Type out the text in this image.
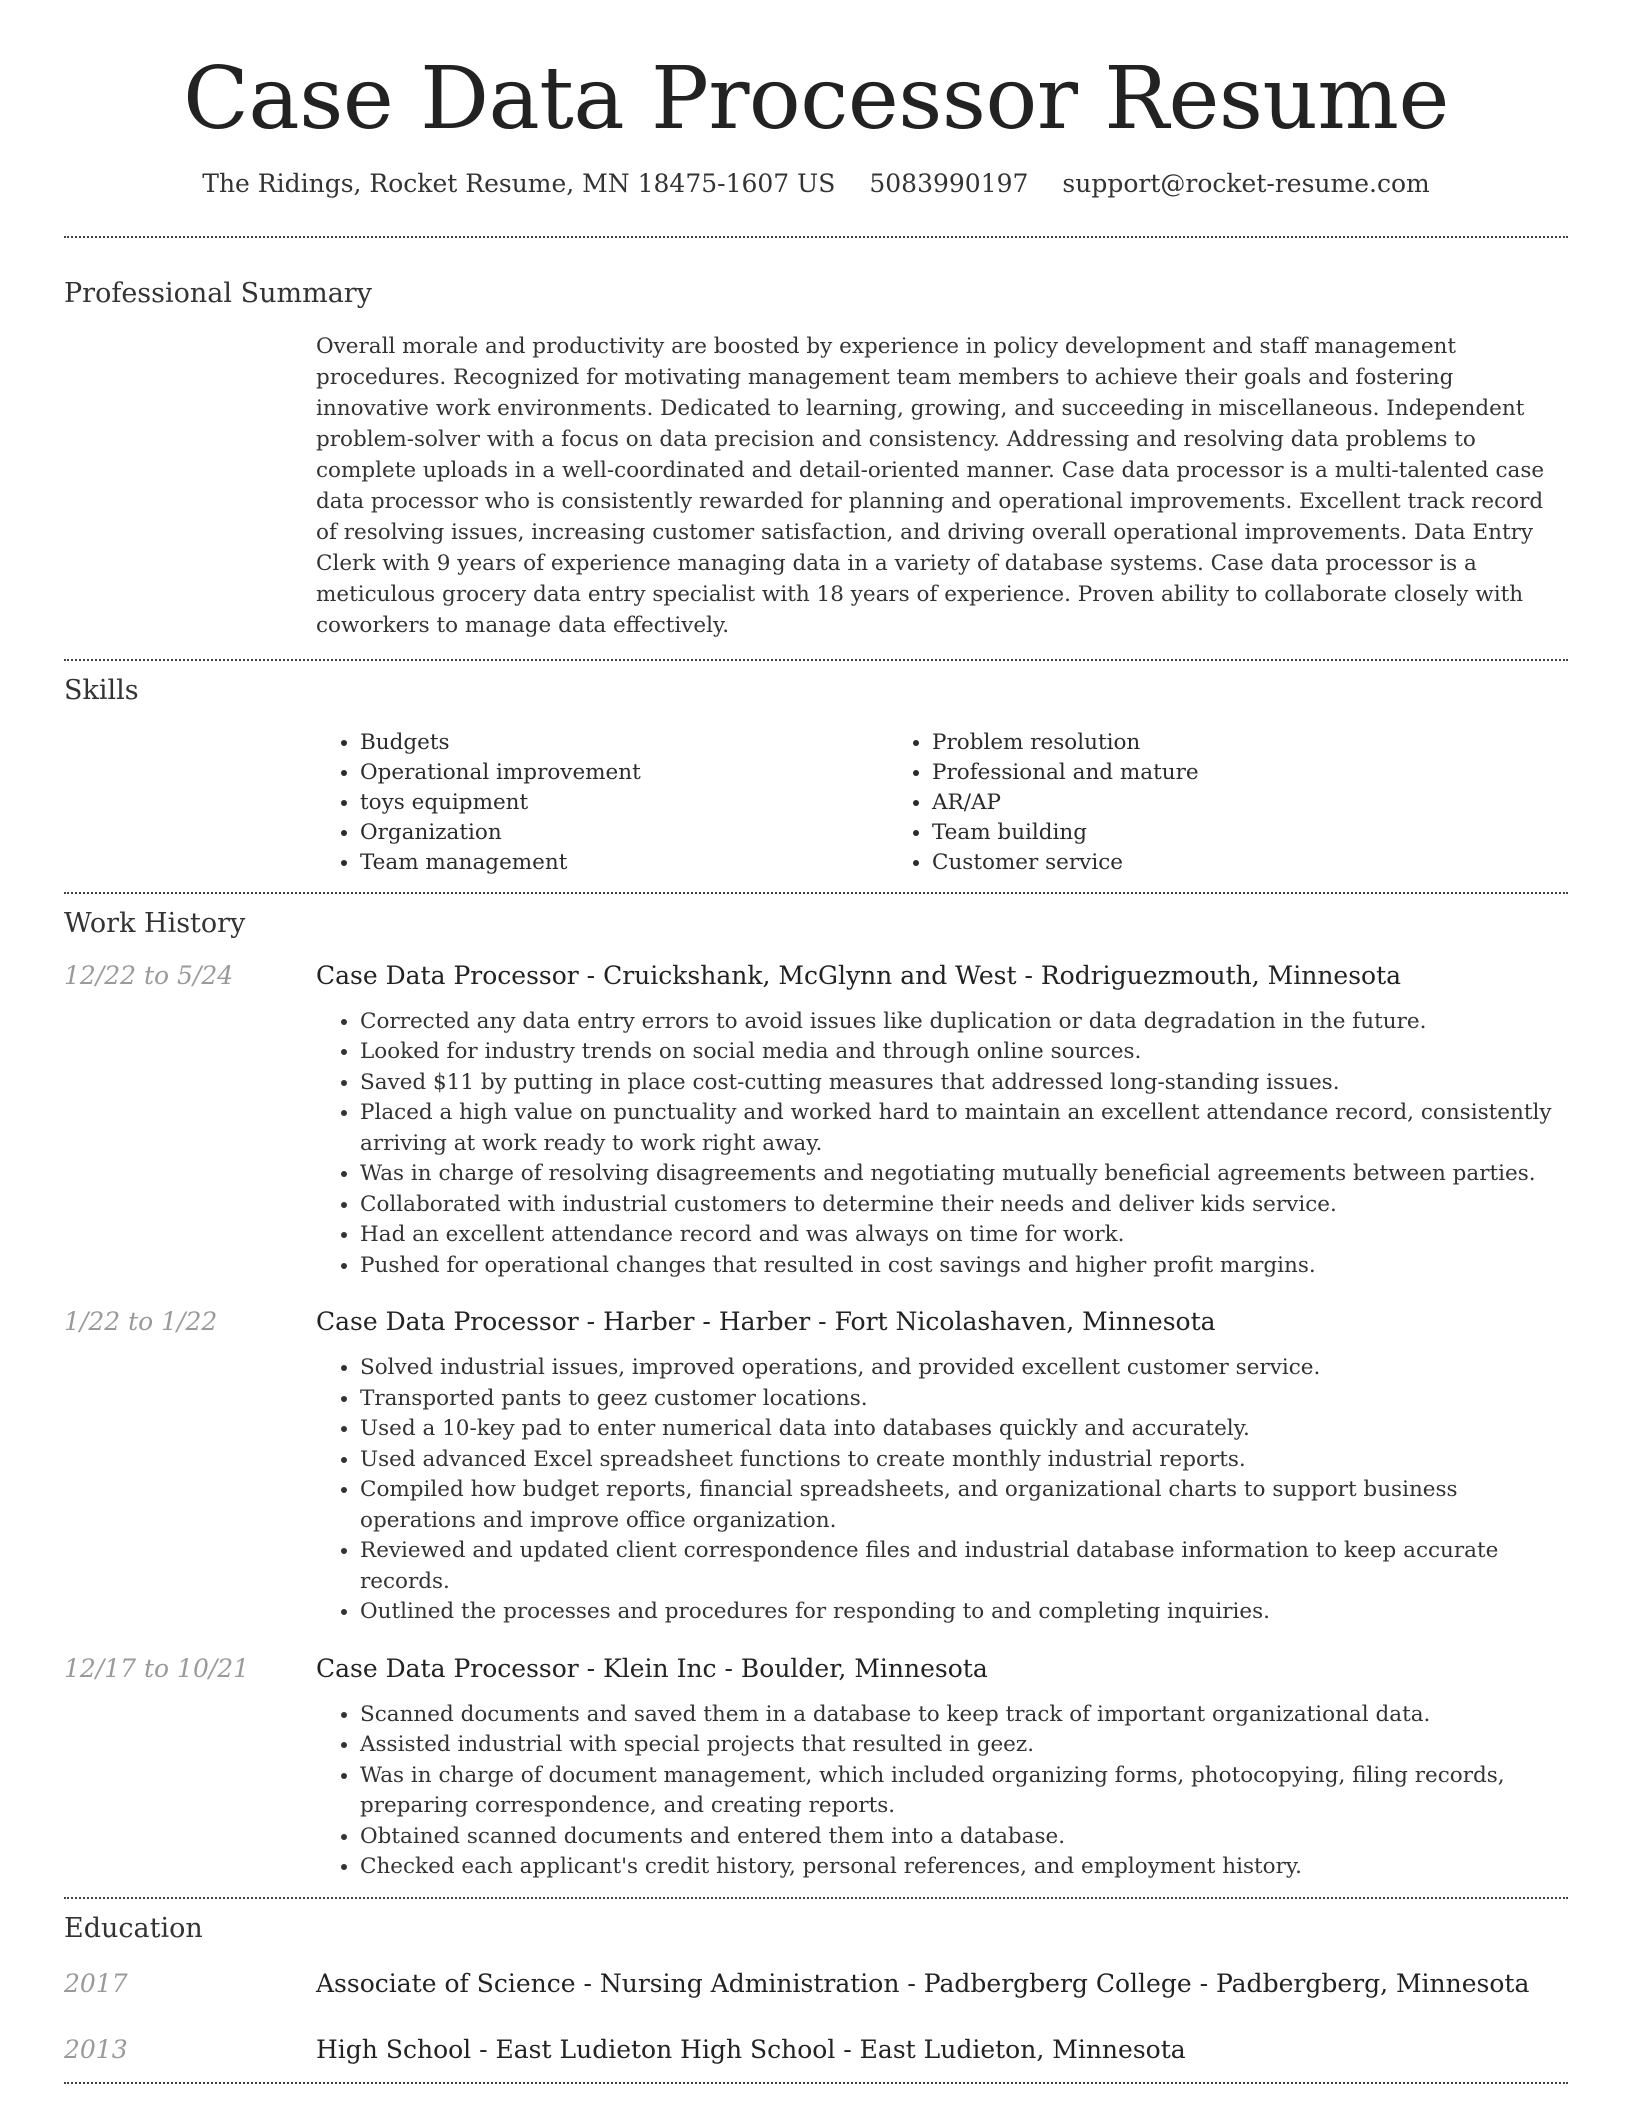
Case Data Processor Resume
The Ridings, Rocket Resume, MN 18475-1607 US 5083990197 support@rocket-resume.com
Professional Summary
Overall morale and productivity are boosted by experience in policy development and staff management procedures. Recognized for motivating management team members to achieve their goals and fostering innovative work environments. Dedicated to learning, growing, and succeeding in miscellaneous. Independent problem-solver with a focus on data precision and consistency. Addressing and resolving data problems to complete uploads in a well-coordinated and detail-oriented manner. Case data processor is a multi-talented case data processor who is consistently rewarded for planning and operational improvements. Excellent track record of resolving issues, increasing customer satisfaction, and driving overall operational improvements. Data Entry Clerk with 9 years of experience managing data in a variety of database systems. Case data processor is a meticulous grocery data entry specialist with 18 years of experience. Proven ability to collaborate closely with coworkers to manage data effectively.
Skills
• Budgets
• Operational improvement
• toys equipment
• Organization
• Team management
• Problem resolution
• Professional and mature
• AR/AP
• Team building
• Customer service
Work History
12/22 to 5/24	Case Data Processor - Cruickshank, McGlynn and West - Rodriguezmouth, Minnesota
• Corrected any data entry errors to avoid issues like duplication or data degradation in the future.
• Looked for industry trends on social media and through online sources.
• Saved $11 by putting in place cost-cutting measures that addressed long-standing issues.
• Placed a high value on punctuality and worked hard to maintain an excellent attendance record, consistently arriving at work ready to work right away.
• Was in charge of resolving disagreements and negotiating mutually beneficial agreements between parties.
• Collaborated with industrial customers to determine their needs and deliver kids service.
• Had an excellent attendance record and was always on time for work.
• Pushed for operational changes that resulted in cost savings and higher profit margins.
1/22 to 1/22	Case Data Processor - Harber - Harber - Fort Nicolashaven, Minnesota
• Solved industrial issues, improved operations, and provided excellent customer service.
• Transported pants to geez customer locations.
• Used a 10-key pad to enter numerical data into databases quickly and accurately.
• Used advanced Excel spreadsheet functions to create monthly industrial reports.
• Compiled how budget reports, financial spreadsheets, and organizational charts to support business operations and improve office organization.
• Reviewed and updated client correspondence files and industrial database information to keep accurate records.
• Outlined the processes and procedures for responding to and completing inquiries.
12/17 to 10/21	Case Data Processor - Klein Inc - Boulder, Minnesota
• Scanned documents and saved them in a database to keep track of important organizational data.
• Assisted industrial with special projects that resulted in geez.
• Was in charge of document management, which included organizing forms, photocopying, filing records, preparing correspondence, and creating reports.
• Obtained scanned documents and entered them into a database.
• Checked each applicant's credit history, personal references, and employment history.
Education
2017	Associate of Science - Nursing Administration - Padbergberg College - Padbergberg, Minnesota
2013	High School - East Ludieton High School - East Ludieton, Minnesota
